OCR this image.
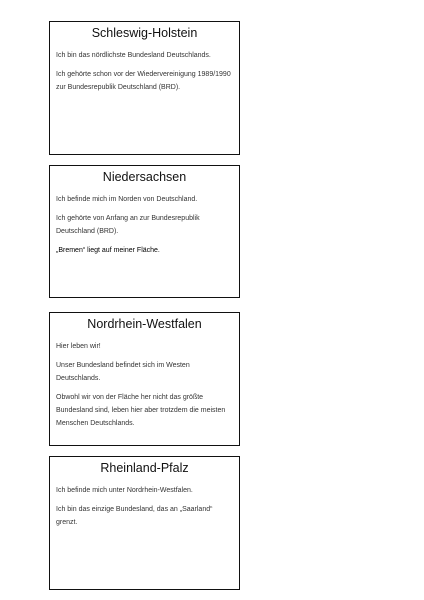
Schleswig-Holstein

Ich bin das nördlichste Bundesland Deutschlands.

Ich gehörte schon vor der Wiedervereinigung 1989/1990 zur Bundesrepublik Deutschland (BRD).

Niedersachsen

Ich befinde mich im Norden von Deutschland.

Ich gehörte von Anfang an zur Bundesrepublik Deutschland (BRD).

„Bremen“ liegt auf meiner Fläche.

Nordrhein-Westfalen

Hier leben wir!

Unser Bundesland befindet sich im Westen Deutschlands.

Obwohl wir von der Fläche her nicht das größte Bundesland sind, leben hier aber trotzdem die meisten Menschen Deutschlands.

Rheinland-Pfalz

Ich befinde mich unter Nordrhein-Westfalen.

Ich bin das einzige Bundesland, das an „Saarland“ grenzt.
